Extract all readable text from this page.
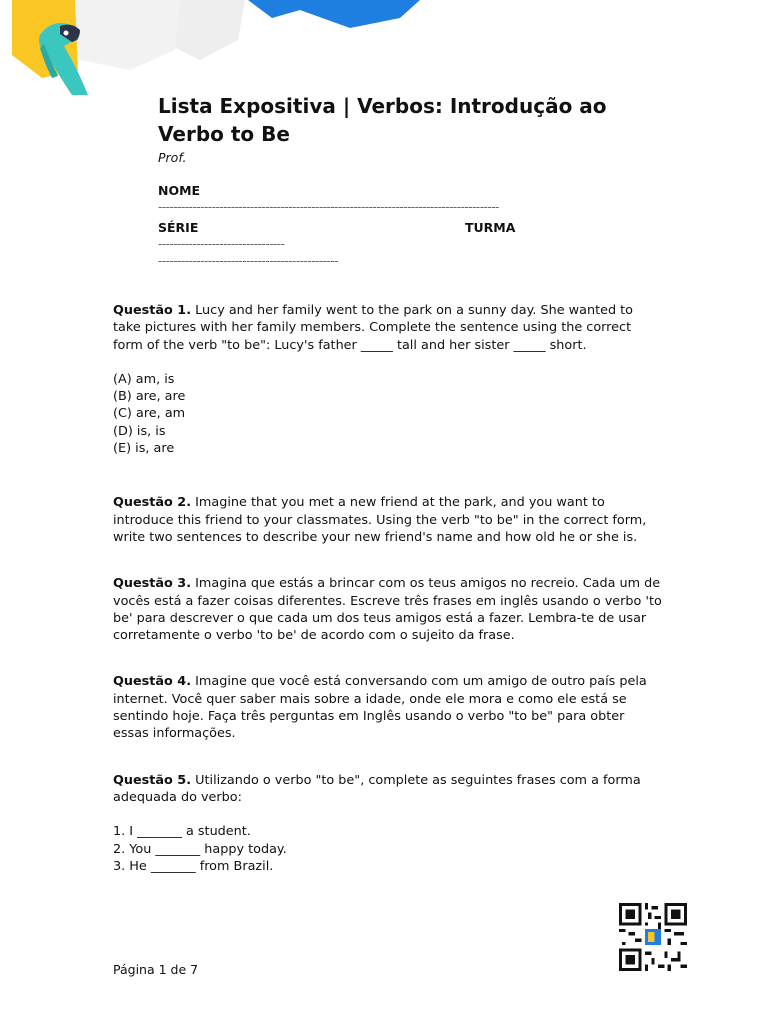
Lista Expositiva | Verbos: Introdução ao Verbo to Be
Prof.
NOME
-----------------------------------------------------------------------------------------
SÉRIE	TURMA
---------------------------------
-----------------------------------------------

Questão 1. Lucy and her family went to the park on a sunny day. She wanted to take pictures with her family members. Complete the sentence using the correct form of the verb "to be": Lucy's father _____ tall and her sister _____ short.

(A) am, is
(B) are, are
(C) are, am
(D) is, is
(E) is, are

Questão 2. Imagine that you met a new friend at the park, and you want to introduce this friend to your classmates. Using the verb "to be" in the correct form, write two sentences to describe your new friend's name and how old he or she is.

Questão 3. Imagina que estás a brincar com os teus amigos no recreio. Cada um de vocês está a fazer coisas diferentes. Escreve três frases em inglês usando o verbo 'to be' para descrever o que cada um dos teus amigos está a fazer. Lembra-te de usar corretamente o verbo 'to be' de acordo com o sujeito da frase.

Questão 4. Imagine que você está conversando com um amigo de outro país pela internet. Você quer saber mais sobre a idade, onde ele mora e como ele está se sentindo hoje. Faça três perguntas em Inglês usando o verbo "to be" para obter essas informações.

Questão 5. Utilizando o verbo "to be", complete as seguintes frases com a forma adequada do verbo:

1. I _______ a student.
2. You _______ happy today.
3. He _______ from Brazil.
Página 1 de 7
